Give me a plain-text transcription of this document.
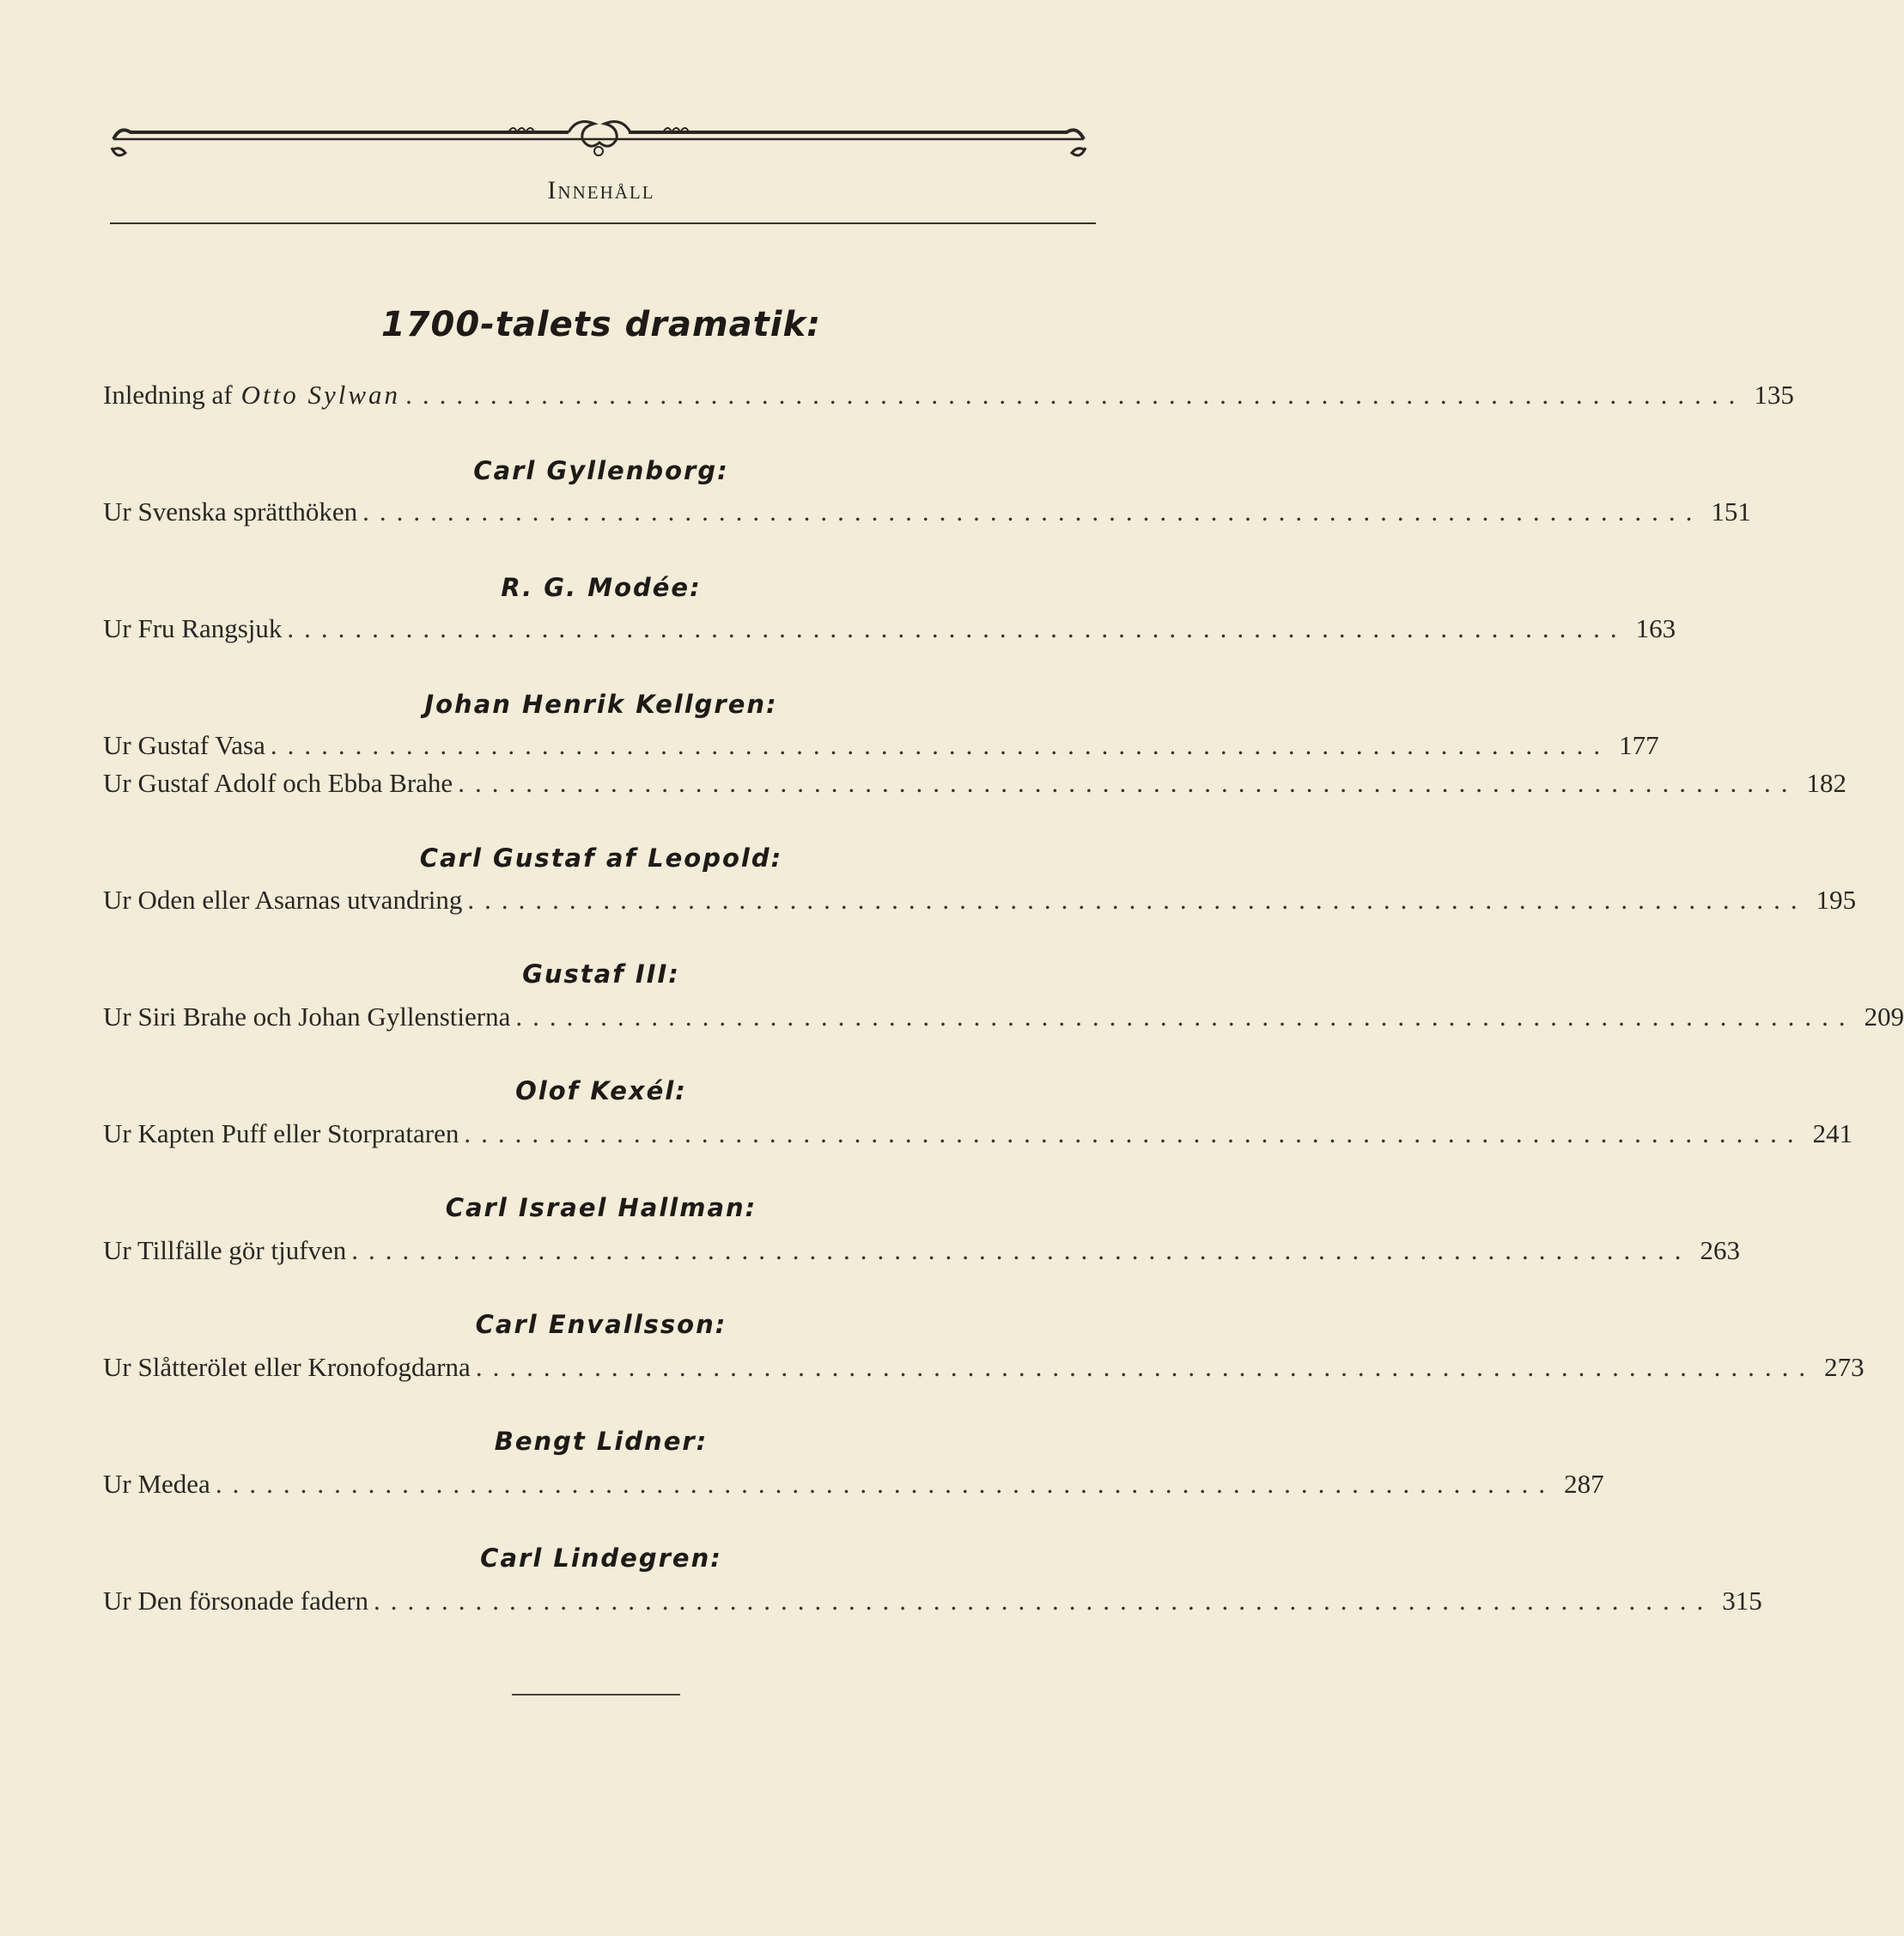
Innehåll
1700-talets dramatik:
Inledning af Otto Sylwan ............................................................................... 135
Carl Gyllenborg:
Ur Svenska sprätthöken ............................................................................... 151
R. G. Modée:
Ur Fru Rangsjuk ............................................................................... 163
Johan Henrik Kellgren:
Ur Gustaf Vasa ............................................................................... 177
Ur Gustaf Adolf och Ebba Brahe ............................................................................... 182
Carl Gustaf af Leopold:
Ur Oden eller Asarnas utvandring ............................................................................... 195
Gustaf III:
Ur Siri Brahe och Johan Gyllenstierna ............................................................................... 209
Olof Kexél:
Ur Kapten Puff eller Storprataren ............................................................................... 241
Carl Israel Hallman:
Ur Tillfälle gör tjufven ............................................................................... 263
Carl Envallsson:
Ur Slåtterölet eller Kronofogdarna ............................................................................... 273
Bengt Lidner:
Ur Medea ............................................................................... 287
Carl Lindegren:
Ur Den försonade fadern ............................................................................... 315
